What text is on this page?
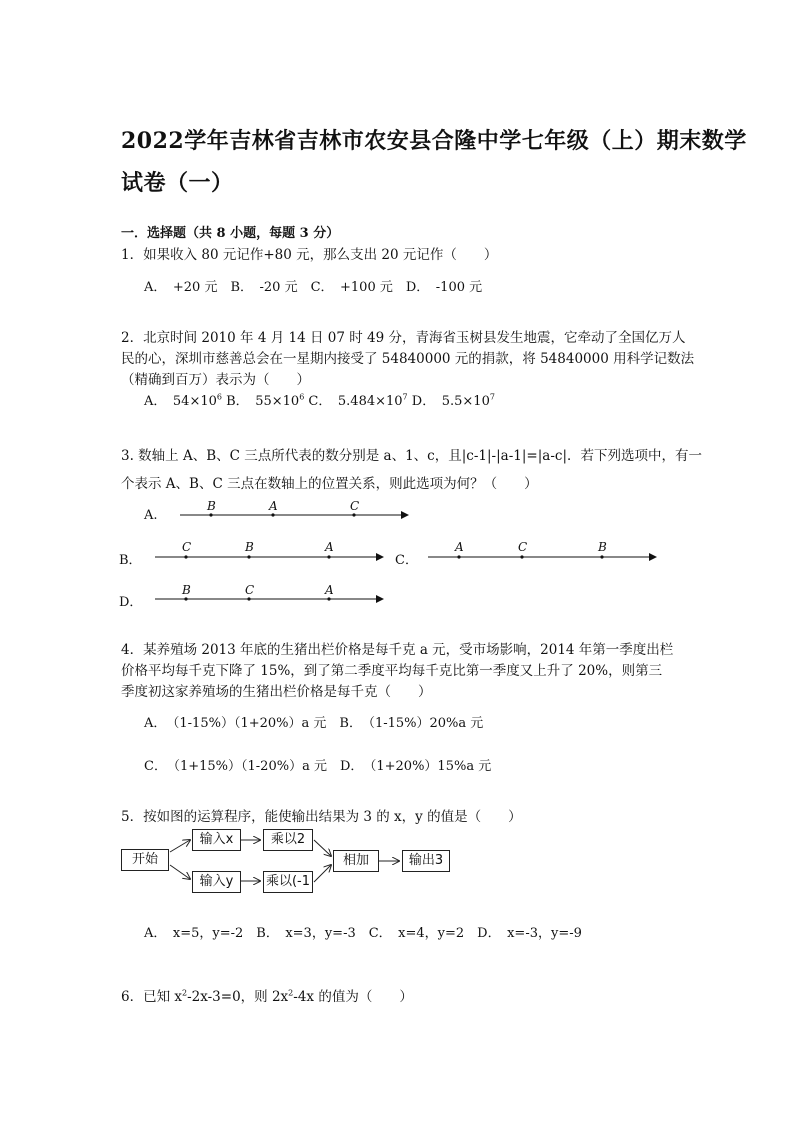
2022学年吉林省吉林市农安县合隆中学七年级（上）期末数学
试卷（一）
一．选择题（共 8 小题，每题 3 分）
1．如果收入 80 元记作+80 元，那么支出 20 元记作（　　）
A．　+20 元　B．　-20 元　C．　+100 元　D．　-100 元
2．北京时间 2010 年 4 月 14 日 07 时 49 分，青海省玉树县发生地震，它牵动了全国亿万人
民的心，深圳市慈善总会在一星期内接受了 54840000 元的捐款，将 54840000 用科学记数法
（精确到百万）表示为（　　）
A．　 $54\times 10^6$ B．　 $55\times 10^6$ C．　 $5.484\times 10^7$ D．　 $5.5\times 10^7$
3. 数轴上 A、B、C 三点所代表的数分别是 a、1、c，且|c-1|-|a-1|=|a-c|．若下列选项中，有一
个表示 A、B、C 三点在数轴上的位置关系，则此选项为何？（　　）
A.
B．	C．
D．
B	A	C
C	B	A	A	C	B
B	C	A
4．某养殖场 2013 年底的生猪出栏价格是每千克 a 元，受市场影响，2014 年第一季度出栏
价格平均每千克下降了 15%，到了第二季度平均每千克比第一季度又上升了 20%，则第三
季度初这家养殖场的生猪出栏价格是每千克（　　）
A．　（1-15%）（1+20%）a 元　B．　（1-15%）20%a 元
C．　（1+15%）（1-20%）a 元　D．　（1+20%）15%a 元
5．按如图的运算程序，能使输出结果为 3 的 x，y 的值是（　　）
开始
输入x	乘以2
输入y	乘以(-1
相加	输出3
A．　x=5，y=-2　B．　x=3，y=-3　C．　x=4，y=2　D．　x=-3，y=-9
6．已知 $x^2-2x-3=0$，则 $2x^2-4x$ 的值为（　　）
